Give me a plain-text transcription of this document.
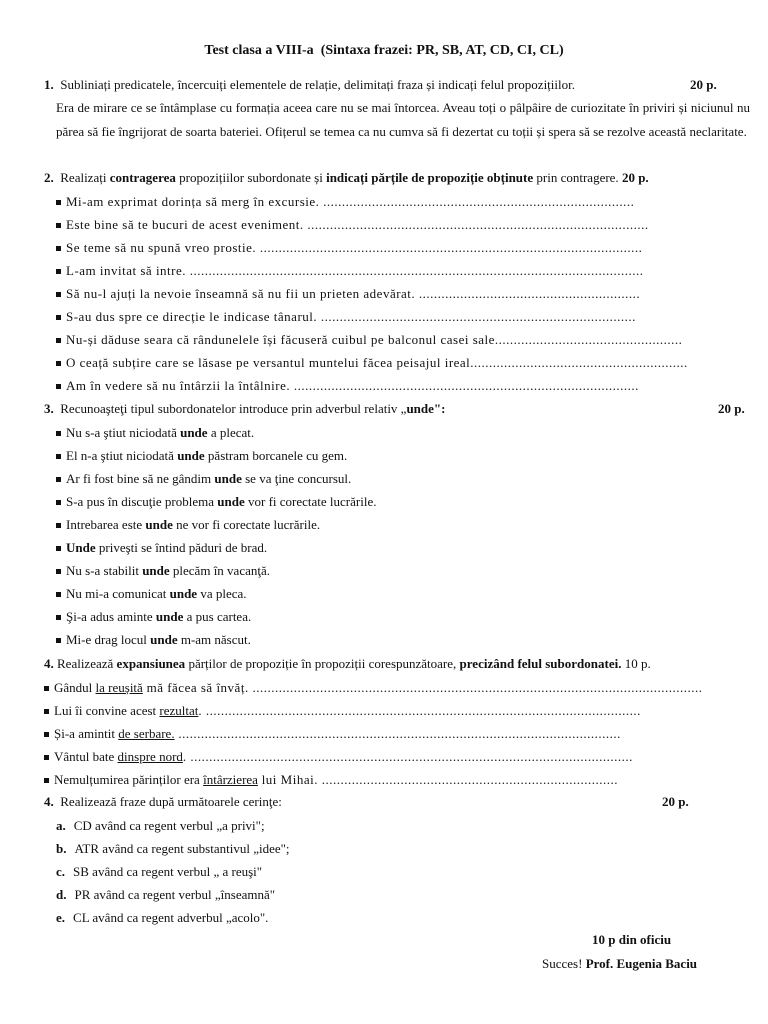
Test clasa a VIII-a (Sintaxa frazei: PR, SB, AT, CD, CI, CL)
1. Subliniați predicatele, încercuiți elementele de relație, delimitați fraza și indicați felul propozițiilor.	20 p.
Era de mirare ce se întâmplase cu formația aceea care nu se mai întorcea. Aveau toți o pâlpâire de curiozitate în priviri și niciunul nu părea să fie îngrijorat de soarta bateriei. Ofițerul se temea ca nu cumva să fi dezertat cu toții și spera să se rezolve această neclaritate.
2. Realizați contragerea propozițiilor subordonate și indicați părțile de propoziție obținute prin contragere. 20 p.
Mi-am exprimat dorința să merg în excursie. ...................................................................................
Este bine să te bucuri de acest eveniment. ...........................................................................................
Se teme să nu spună vreo prostie. ......................................................................................................
L-am invitat să intre. .........................................................................................................................
Să nu-l ajuți la nevoie înseamnă să nu fii un prieten adevărat. ...........................................................
S-au dus spre ce direcție le indicase tânarul. ....................................................................................
Nu-și dăduse seara că rândunelele își făcuseră cuibul pe balconul casei sale..................................................
O ceață subțire care se lăsase pe versantul muntelui făcea peisajul ireal..........................................................
Am în vedere să nu întârzii la întâlnire. ............................................................................................
3. Recunoaşteţi tipul subordonatelor introduce prin adverbul relativ „unde":	20 p.
Nu s-a ştiut niciodată unde a plecat.
El n-a ştiut niciodată unde păstram borcanele cu gem.
Ar fi fost bine să ne gândim unde se va ţine concursul.
S-a pus în discuţie problema unde vor fi corectate lucrările.
Intrebarea este unde ne vor fi corectate lucrările.
Unde priveşti se întind păduri de brad.
Nu s-a stabilit unde plecăm în vacanţă.
Nu mi-a comunicat unde va pleca.
Şi-a adus aminte unde a pus cartea.
Mi-e drag locul unde m-am născut.
4. Realizează expansiunea părților de propoziție în propoziții corespunzătoare, precizând felul subordonatei. 10 p.
Gândul la reușită mă făcea să învăț. ........................................................................................................................
Lui îi convine acest rezultat. ....................................................................................................................
Și-a amintit de serbare. ......................................................................................................................
Vântul bate dinspre nord. ......................................................................................................................
Nemulțumirea părinților era întârzierea lui Mihai. ...............................................................................
4. Realizează fraze după următoarele cerinţe:	20 p.
a. CD având ca regent verbul „a privi";
b. ATR având ca regent substantivul „idee";
c. SB având ca regent verbul „ a reuşi"
d. PR având ca regent verbul „înseamnă"
e. CL având ca regent adverbul „acolo".
10 p din oficiu
Succes! Prof. Eugenia Baciu
